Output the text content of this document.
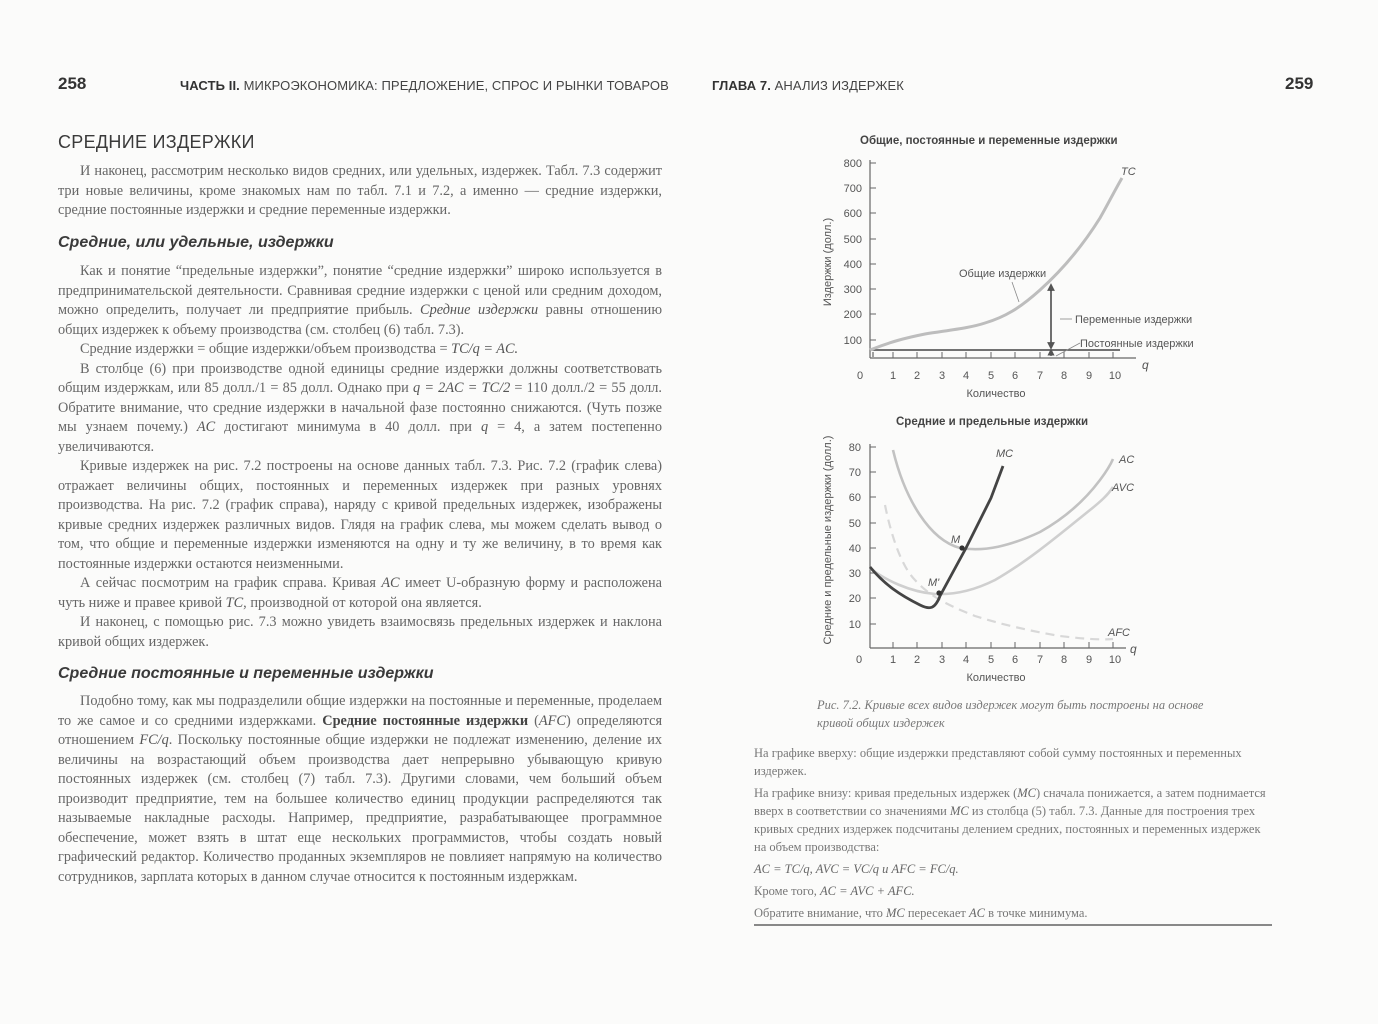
258	ЧАСТЬ II. МИКРОЭКОНОМИКА: ПРЕДЛОЖЕНИЕ, СПРОС И РЫНКИ ТОВАРОВ
СРЕДНИЕ ИЗДЕРЖКИ

И наконец, рассмотрим несколько видов средних, или удельных, издержек. Табл. 7.3 содержит три новые величины, кроме знакомых нам по табл. 7.1 и 7.2, а именно — средние издержки, средние постоянные издержки и средние переменные издержки.

Средние, или удельные, издержки

Как и понятие “предельные издержки”, понятие “средние издержки” широко используется в предпринимательской деятельности. Сравнивая средние издержки с ценой или средним доходом, можно определить, получает ли предприятие прибыль. Средние издержки равны отношению общих издержек к объему производства (см. столбец (6) табл. 7.3).

Средние издержки = общие издержки/объем производства = TC/q = AC.

В столбце (6) при производстве одной единицы средние издержки должны соответствовать общим издержкам, или 85 долл./1 = 85 долл. Однако при q = 2AC = TC/2 = 110 долл./2 = 55 долл. Обратите внимание, что средние издержки в начальной фазе постоянно снижаются. (Чуть позже мы узнаем почему.) AC достигают минимума в 40 долл. при q = 4, а затем постепенно увеличиваются.

Кривые издержек на рис. 7.2 построены на основе данных табл. 7.3. Рис. 7.2 (график слева) отражает величины общих, постоянных и переменных издержек при разных уровнях производства. На рис. 7.2 (график справа), наряду с кривой предельных издержек, изображены кривые средних издержек различных видов. Глядя на график слева, мы можем сделать вывод о том, что общие и переменные издержки изменяются на одну и ту же величину, в то время как постоянные издержки остаются неизменными.

А сейчас посмотрим на график справа. Кривая AC имеет U-образную форму и расположена чуть ниже и правее кривой TC, производной от которой она является.

И наконец, с помощью рис. 7.3 можно увидеть взаимосвязь предельных издержек и наклона кривой общих издержек.

Средние постоянные и переменные издержки

Подобно тому, как мы подразделили общие издержки на постоянные и переменные, проделаем то же самое и со средними издержками. Средние постоянные издержки (AFC) определяются отношением FC/q. Поскольку постоянные общие издержки не подлежат изменению, деление их величины на возрастающий объем производства дает непрерывно убывающую кривую постоянных издержек (см. столбец (7) табл. 7.3). Другими словами, чем больший объем производит предприятие, тем на большее количество единиц продукции распределяются так называемые накладные расходы. Например, предприятие, разрабатывающее программное обеспечение, может взять в штат еще нескольких программистов, чтобы создать новый графический редактор. Количество проданных экземпляров не повлияет напрямую на количество сотрудников, зарплата которых в данном случае относится к постоянным издержкам.

ГЛАВА 7. АНАЛИЗ ИЗДЕРЖЕК	259
Общие, постоянные и переменные издержки
Средние и предельные издержки
800
700
600
500
400
300
200
100
0 1 2 3 4 5 6 7 8 9 10
q
Количество
Издержки (долл.)
TC
Общие издержки
Переменные издержки
Постоянные издержки
80
70
60
50
40
30
20
10
0	1 2 3 4 5 6 7 8 9 10
q
Количество
Средние и предельные издержки (долл.)	M
M'
MC	AC
AVC
AFC
Рис. 7.2. Кривые всех видов издержек могут быть построены на основе кривой общих издержек

На графике вверху: общие издержки представляют собой сумму постоянных и переменных издержек.

На графике внизу: кривая предельных издержек (MC) сначала понижается, а затем поднимается вверх в соответствии со значениями MC из столбца (5) табл. 7.3. Данные для построения трех кривых средних издержек подсчитаны делением средних, постоянных и переменных издержек на объем производства:

AC = TC/q, AVC = VC/q и AFC = FC/q.

Кроме того, AC = AVC + AFC.

Обратите внимание, что MC пересекает AC в точке минимума.
